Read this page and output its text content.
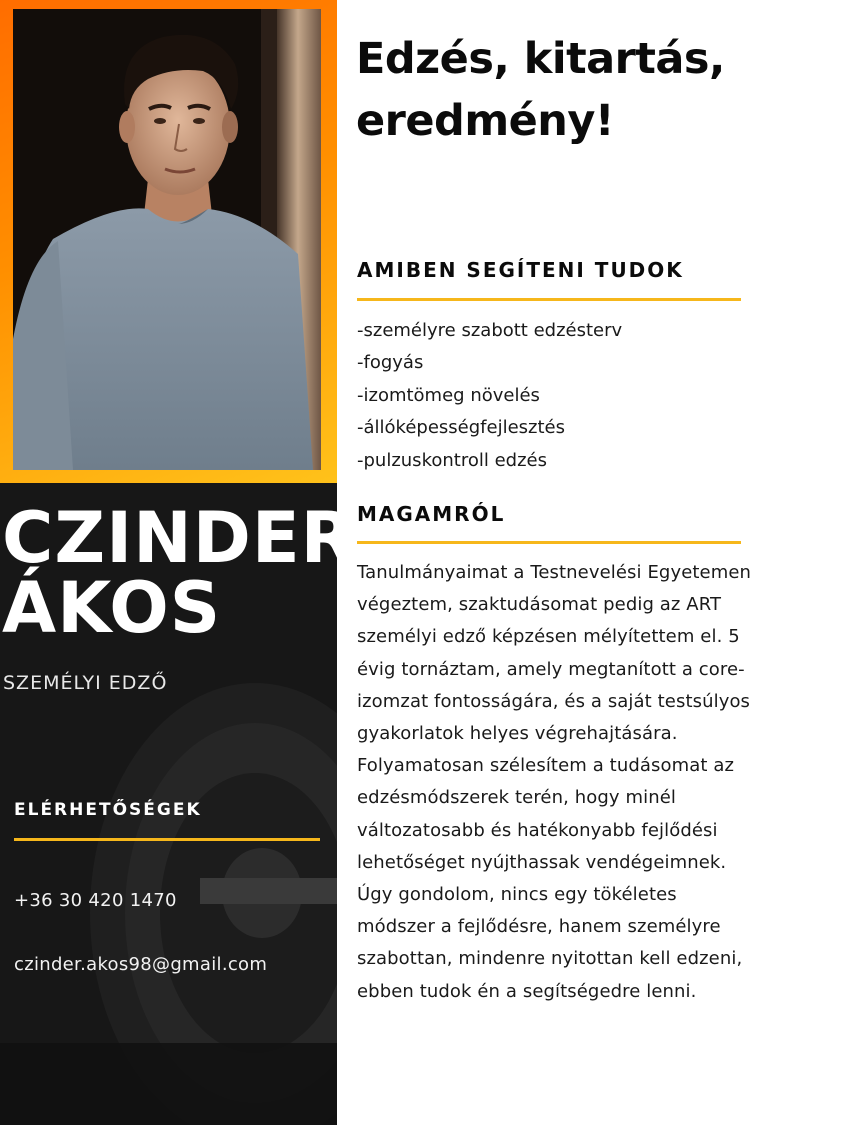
CZINDER ÁKOS
SZEMÉLYI EDZŐ
ELÉRHETŐSÉGEK
+36 30 420 1470
czinder.akos98@gmail.com
Edzés, kitartás, eredmény!
AMIBEN SEGÍTENI TUDOK
-személyre szabott edzésterv
-fogyás
-izomtömeg növelés
-állóképességfejlesztés
-pulzuskontroll edzés
MAGAMRÓL

Tanulmányaimat a Testnevelési Egyetemen végeztem, szaktudásomat pedig az ART személyi edző képzésen mélyítettem el. 5 évig tornáztam, amely megtanított a core-izomzat fontosságára, és a saját testsúlyos gyakorlatok helyes végrehajtására. Folyamatosan szélesítem a tudásomat az edzésmódszerek terén, hogy minél változatosabb és hatékonyabb fejlődési lehetőséget nyújthassak vendégeimnek. Úgy gondolom, nincs egy tökéletes módszer a fejlődésre, hanem személyre szabottan, mindenre nyitottan kell edzeni, ebben tudok én a segítségedre lenni.
